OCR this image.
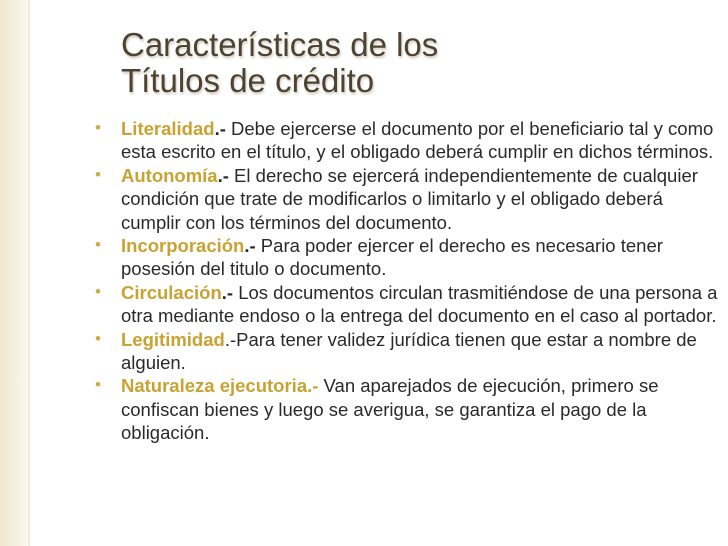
Características de los
Títulos de crédito
• Literalidad.- Debe ejercerse el documento por el beneficiario tal y como esta escrito en el título, y el obligado deberá cumplir en dichos términos.
• Autonomía.- El derecho se ejercerá independientemente de cualquier condición que trate de modificarlos o limitarlo y el obligado deberá cumplir con los términos del documento.
• Incorporación.- Para poder ejercer el derecho es necesario tener posesión del titulo o documento.
• Circulación.- Los documentos circulan trasmitiéndose de una persona a otra mediante endoso o la entrega del documento en el caso al portador.
• Legitimidad.-Para tener validez jurídica tienen que estar a nombre de alguien.
• Naturaleza ejecutoria.- Van aparejados de ejecución, primero se confiscan bienes y luego se averigua, se garantiza el pago de la obligación.
